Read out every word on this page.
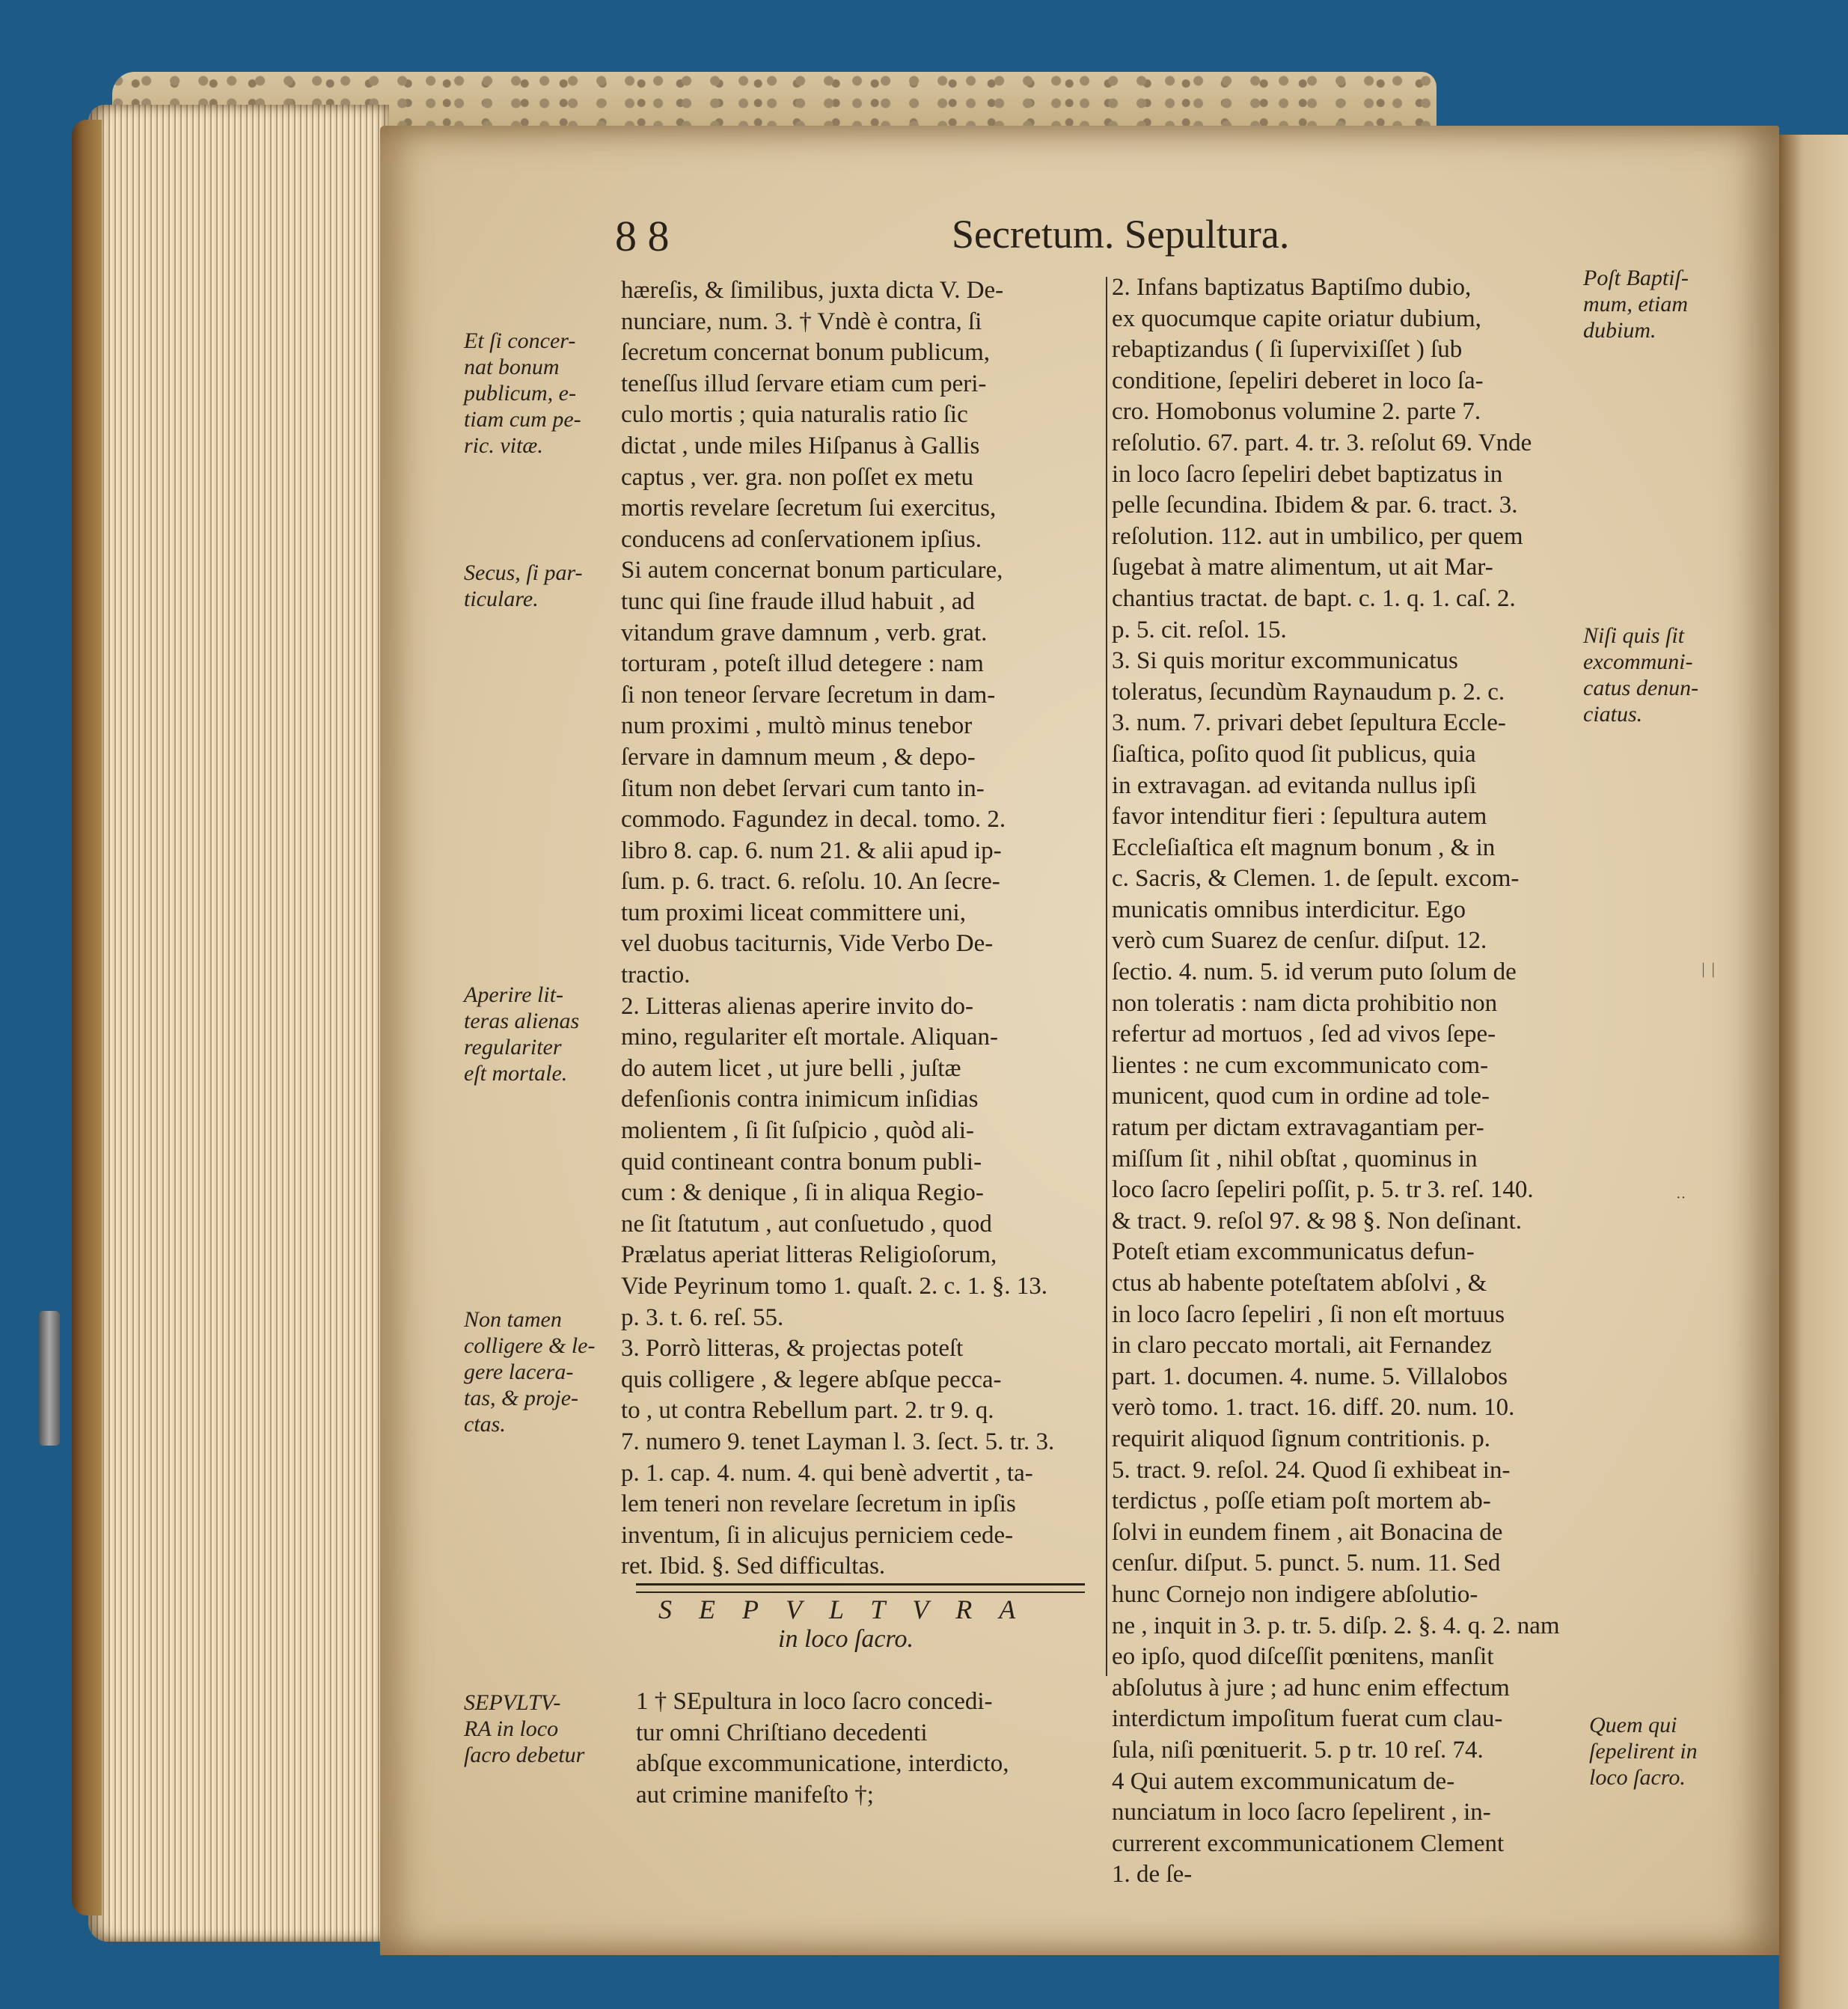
8 8	Secretum. Sepultura.
Et ſi concer-
nat bonum
publicum, e-
tiam cum pe-
ric. vitæ.
Secus, ſi par-
ticulare.
Aperire lit-
teras alienas
regulariter
eſt mortale.
Non tamen
colligere & le-
gere lacera-
tas, & proje-
ctas.
SEPVLTV-
RA in loco
ſacro debetur
hæreſis, & ſimilibus, juxta dicta V. De-
nunciare, num. 3. † Vndè è contra, ſi
ſecretum concernat bonum publicum,
teneſſus illud ſervare etiam cum peri-
culo mortis ; quia naturalis ratio ſic
dictat , unde miles Hiſpanus à Gallis
captus , ver. gra. non poſſet ex metu
mortis revelare ſecretum ſui exercitus,
conducens ad conſervationem ipſius.
Si autem concernat bonum particulare,
tunc qui ſine fraude illud habuit , ad
vitandum grave damnum , verb. grat.
torturam , poteſt illud detegere : nam
ſi non teneor ſervare ſecretum in dam-
num proximi , multò minus tenebor
ſervare in damnum meum , & depo-
ſitum non debet ſervari cum tanto in-
commodo. Fagundez in decal. tomo. 2.
libro 8. cap. 6. num 21. & alii apud ip-
ſum. p. 6. tract. 6. reſolu. 10. An ſecre-
tum proximi liceat committere uni,
vel duobus taciturnis, Vide Verbo De-
tractio.
2. Litteras alienas aperire invito do-
mino, regulariter eſt mortale. Aliquan-
do autem licet , ut jure belli , juſtæ
defenſionis contra inimicum inſidias
molientem , ſi ſit ſuſpicio , quòd ali-
quid contineant contra bonum publi-
cum : & denique , ſi in aliqua Regio-
ne ſit ſtatutum , aut conſuetudo , quod
Prælatus aperiat litteras Religioſorum,
Vide Peyrinum tomo 1. quaſt. 2. c. 1. §. 13.
p. 3. t. 6. reſ. 55.
3. Porrò litteras, & projectas poteſt
quis colligere , & legere abſque pecca-
to , ut contra Rebellum part. 2. tr 9. q.
7. numero 9. tenet Layman l. 3. ſect. 5. tr. 3.
p. 1. cap. 4. num. 4. qui benè advertit , ta-
lem teneri non revelare ſecretum in ipſis
inventum, ſi in alicujus perniciem cede-
ret. Ibid. §. Sed difficultas.
SEPVLTVRA
in loco ſacro.
1 † SEpultura in loco ſacro concedi-
tur omni Chriſtiano decedenti
abſque excommunicatione, interdicto,
aut crimine manifeſto †;
2. Infans baptizatus Baptiſmo dubio,
ex quocumque capite oriatur dubium,
rebaptizandus ( ſi ſupervixiſſet ) ſub
conditione, ſepeliri deberet in loco ſa-
cro. Homobonus volumine 2. parte 7.
reſolutio. 67. part. 4. tr. 3. reſolut 69. Vnde
in loco ſacro ſepeliri debet baptizatus in
pelle ſecundina. Ibidem & par. 6. tract. 3.
reſolution. 112. aut in umbilico, per quem
ſugebat à matre alimentum, ut ait Mar-
chantius tractat. de bapt. c. 1. q. 1. caſ. 2.
p. 5. cit. reſol. 15.
3. Si quis moritur excommunicatus
toleratus, ſecundùm Raynaudum p. 2. c.
3. num. 7. privari debet ſepultura Eccle-
ſiaſtica, poſito quod ſit publicus, quia
in extravagan. ad evitanda nullus ipſi
favor intenditur fieri : ſepultura autem
Eccleſiaſtica eſt magnum bonum , & in
c. Sacris, & Clemen. 1. de ſepult. excom-
municatis omnibus interdicitur. Ego
verò cum Suarez de cenſur. diſput. 12.
ſectio. 4. num. 5. id verum puto ſolum de
non toleratis : nam dicta prohibitio non
refertur ad mortuos , ſed ad vivos ſepe-
lientes : ne cum excommunicato com-
municent, quod cum in ordine ad tole-
ratum per dictam extravagantiam per-
miſſum ſit , nihil obſtat , quominus in
loco ſacro ſepeliri poſſit, p. 5. tr 3. reſ. 140.
& tract. 9. reſol 97. & 98 §. Non deſinant.
Poteſt etiam excommunicatus defun-
ctus ab habente poteſtatem abſolvi , &
in loco ſacro ſepeliri , ſi non eſt mortuus
in claro peccato mortali, ait Fernandez
part. 1. documen. 4. nume. 5. Villalobos
verò tomo. 1. tract. 16. diff. 20. num. 10.
requirit aliquod ſignum contritionis. p.
5. tract. 9. reſol. 24. Quod ſi exhibeat in-
terdictus , poſſe etiam poſt mortem ab-
ſolvi in eundem finem , ait Bonacina de
cenſur. diſput. 5. punct. 5. num. 11. Sed
hunc Cornejo non indigere abſolutio-
ne , inquit in 3. p. tr. 5. diſp. 2. §. 4. q. 2. nam
eo ipſo, quod diſceſſit pœnitens, manſit
abſolutus à jure ; ad hunc enim effectum
interdictum impoſitum fuerat cum clau-
ſula, niſi pœnituerit. 5. p tr. 10 reſ. 74.
4 Qui autem excommunicatum de-
nunciatum in loco ſacro ſepelirent , in-
currerent excommunicationem Clement
1. de ſe-
Poſt Baptiſ-
mum, etiam
dubium.
Niſi quis ſit
excommuni-
catus denun-
ciatus.
Quem qui
ſepelirent in
loco ſacro.
ᛁᛁ
··
